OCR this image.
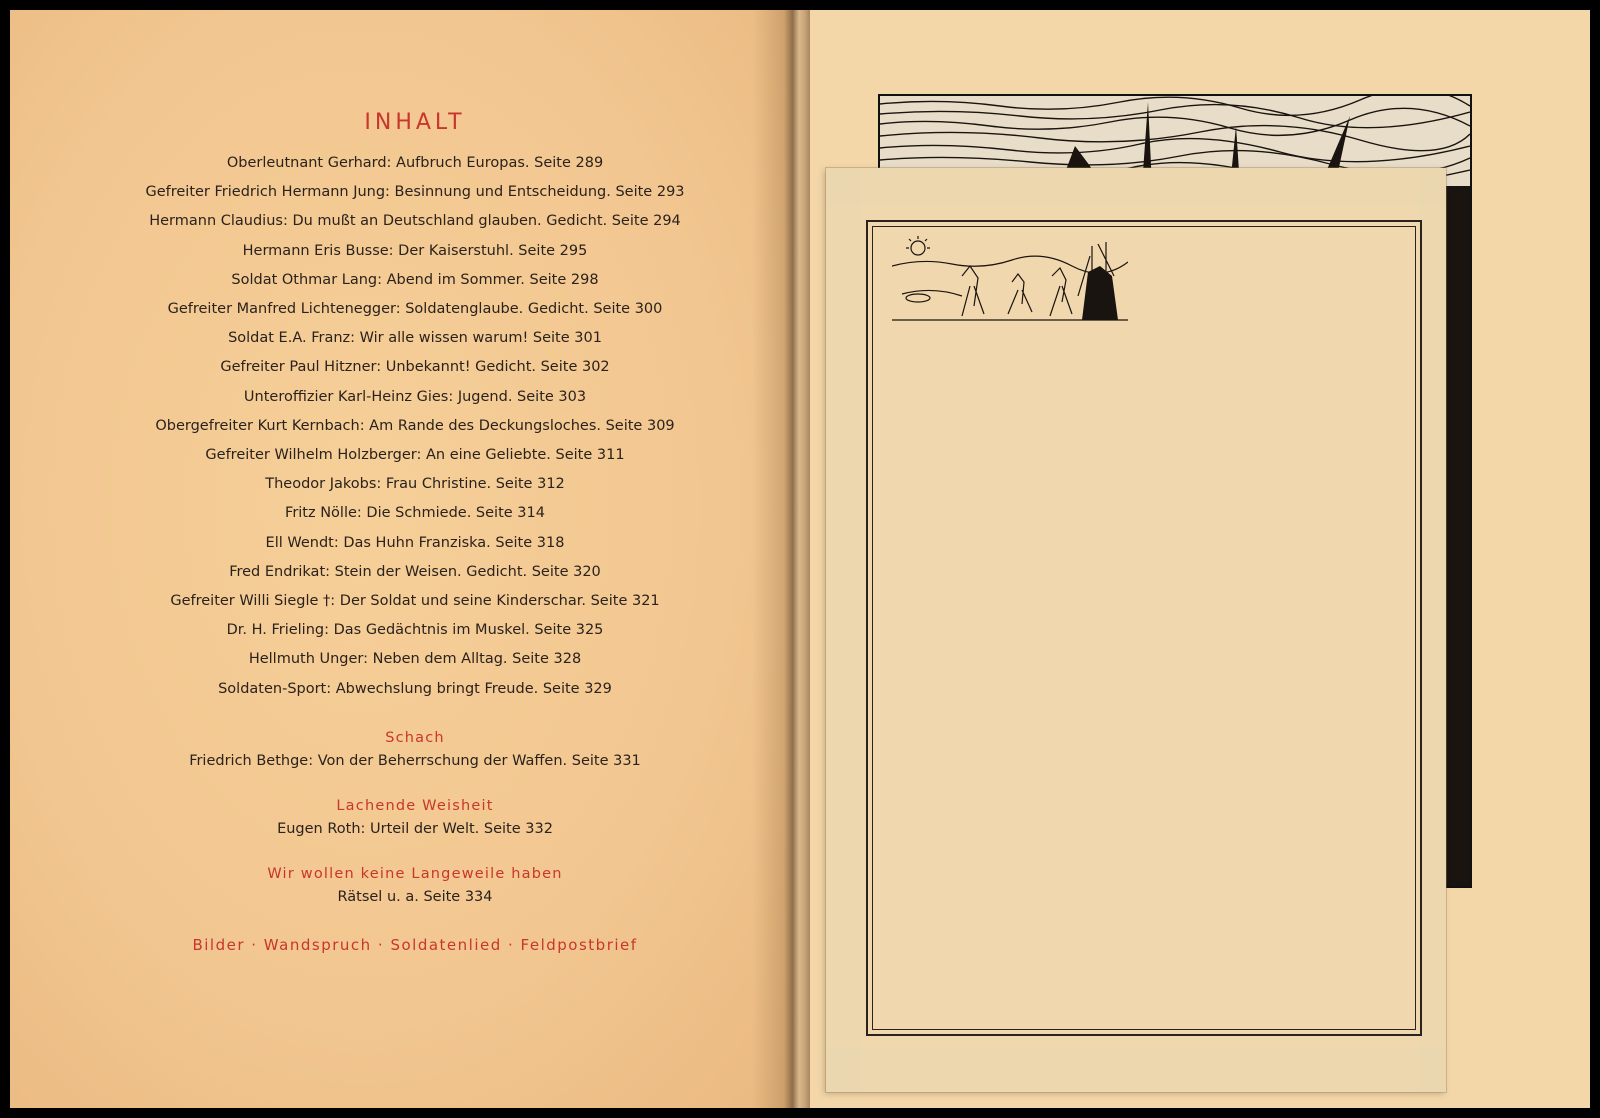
INHALT
Oberleutnant Gerhard: Aufbruch Europas. Seite 289
Gefreiter Friedrich Hermann Jung: Besinnung und Entscheidung. Seite 293
Hermann Claudius: Du mußt an Deutschland glauben. Gedicht. Seite 294
Hermann Eris Busse: Der Kaiserstuhl. Seite 295
Soldat Othmar Lang: Abend im Sommer. Seite 298
Gefreiter Manfred Lichtenegger: Soldatenglaube. Gedicht. Seite 300
Soldat E.A. Franz: Wir alle wissen warum! Seite 301
Gefreiter Paul Hitzner: Unbekannt! Gedicht. Seite 302
Unteroffizier Karl-Heinz Gies: Jugend. Seite 303
Obergefreiter Kurt Kernbach: Am Rande des Deckungsloches. Seite 309
Gefreiter Wilhelm Holzberger: An eine Geliebte. Seite 311
Theodor Jakobs: Frau Christine. Seite 312
Fritz Nölle: Die Schmiede. Seite 314
Ell Wendt: Das Huhn Franziska. Seite 318
Fred Endrikat: Stein der Weisen. Gedicht. Seite 320
Gefreiter Willi Siegle †: Der Soldat und seine Kinderschar. Seite 321
Dr. H. Frieling: Das Gedächtnis im Muskel. Seite 325
Hellmuth Unger: Neben dem Alltag. Seite 328
Soldaten-Sport: Abwechslung bringt Freude. Seite 329
Schach
Friedrich Bethge: Von der Beherrschung der Waffen. Seite 331
Lachende Weisheit
Eugen Roth: Urteil der Welt. Seite 332
Wir wollen keine Langeweile haben
Rätsel u. a. Seite 334
Bilder · Wandspruch · Soldatenlied · Feldpostbrief
